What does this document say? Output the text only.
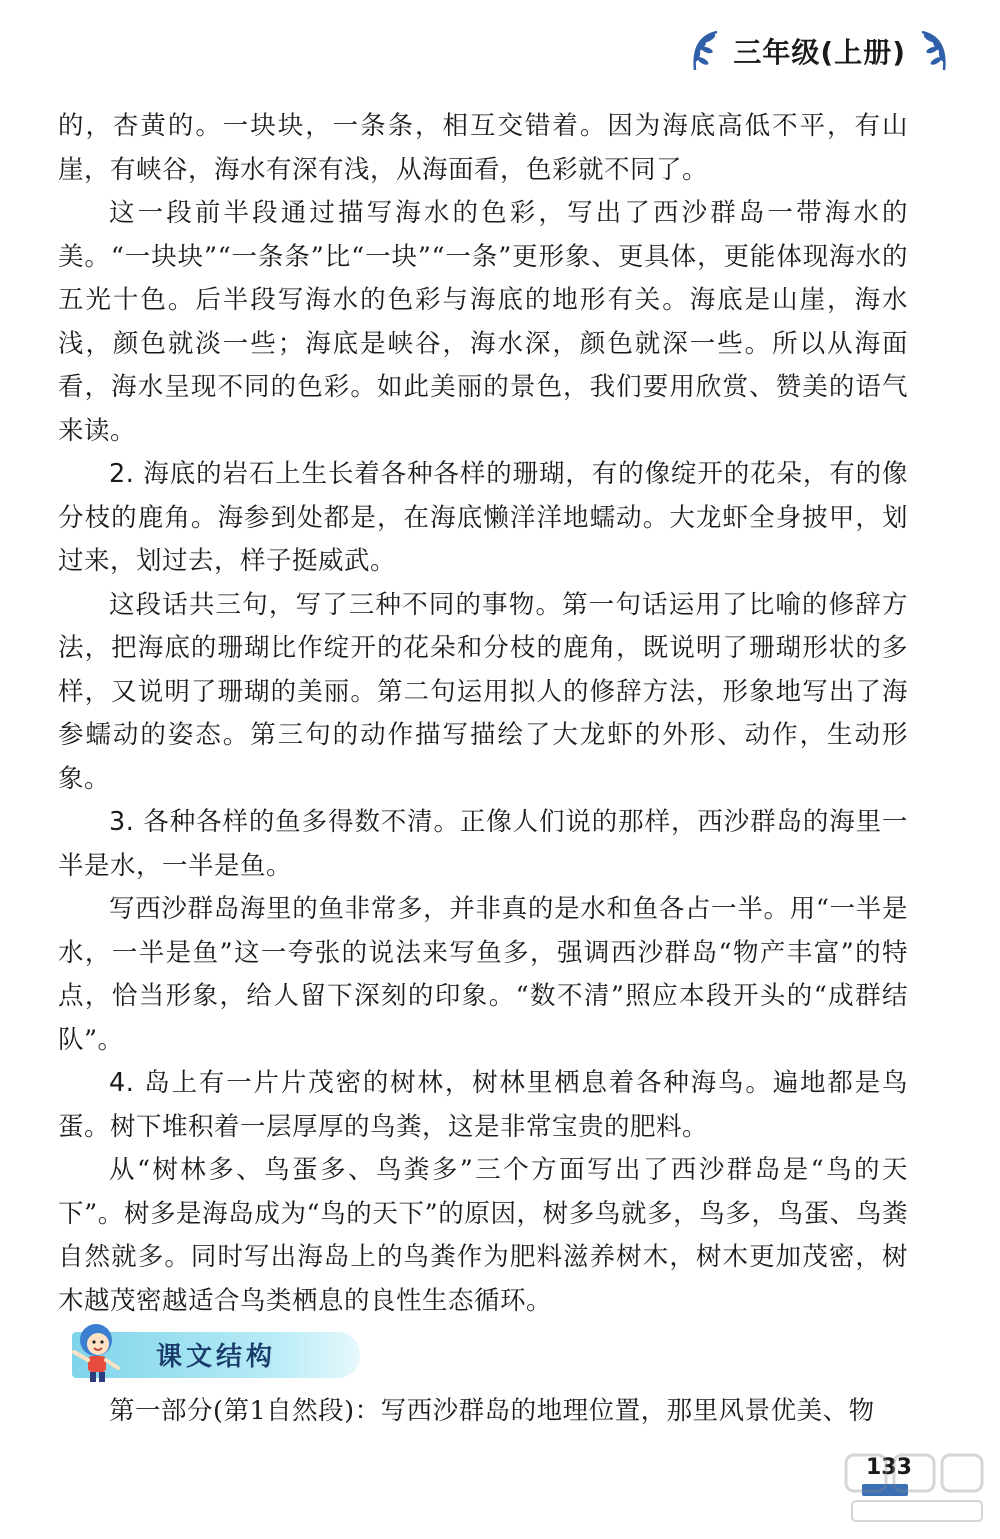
三年级(上册)

的，杏黄的。一块块，一条条，相互交错着。因为海底高低不平，有山崖，有峡谷，海水有深有浅，从海面看，色彩就不同了。

这一段前半段通过描写海水的色彩，写出了西沙群岛一带海水的美。“一块块”“一条条”比“一块”“一条”更形象、更具体，更能体现海水的五光十色。后半段写海水的色彩与海底的地形有关。海底是山崖，海水浅，颜色就淡一些；海底是峡谷，海水深，颜色就深一些。所以从海面看，海水呈现不同的色彩。如此美丽的景色，我们要用欣赏、赞美的语气来读。

2. 海底的岩石上生长着各种各样的珊瑚，有的像绽开的花朵，有的像分枝的鹿角。海参到处都是，在海底懒洋洋地蠕动。大龙虾全身披甲，划过来，划过去，样子挺威武。

这段话共三句，写了三种不同的事物。第一句话运用了比喻的修辞方法，把海底的珊瑚比作绽开的花朵和分枝的鹿角，既说明了珊瑚形状的多样，又说明了珊瑚的美丽。第二句运用拟人的修辞方法，形象地写出了海参蠕动的姿态。第三句的动作描写描绘了大龙虾的外形、动作，生动形象。

3. 各种各样的鱼多得数不清。正像人们说的那样，西沙群岛的海里一半是水，一半是鱼。

写西沙群岛海里的鱼非常多，并非真的是水和鱼各占一半。用“一半是水，一半是鱼”这一夸张的说法来写鱼多，强调西沙群岛“物产丰富”的特点，恰当形象，给人留下深刻的印象。“数不清”照应本段开头的“成群结队”。

4. 岛上有一片片茂密的树林，树林里栖息着各种海鸟。遍地都是鸟蛋。树下堆积着一层厚厚的鸟粪，这是非常宝贵的肥料。

从“树林多、鸟蛋多、鸟粪多”三个方面写出了西沙群岛是“鸟的天下”。树多是海岛成为“鸟的天下”的原因，树多鸟就多，鸟多，鸟蛋、鸟粪自然就多。同时写出海岛上的鸟粪作为肥料滋养树木，树木更加茂密，树木越茂密越适合鸟类栖息的良性生态循环。

课文结构

第一部分(第1自然段)：写西沙群岛的地理位置，那里风景优美、物

133
